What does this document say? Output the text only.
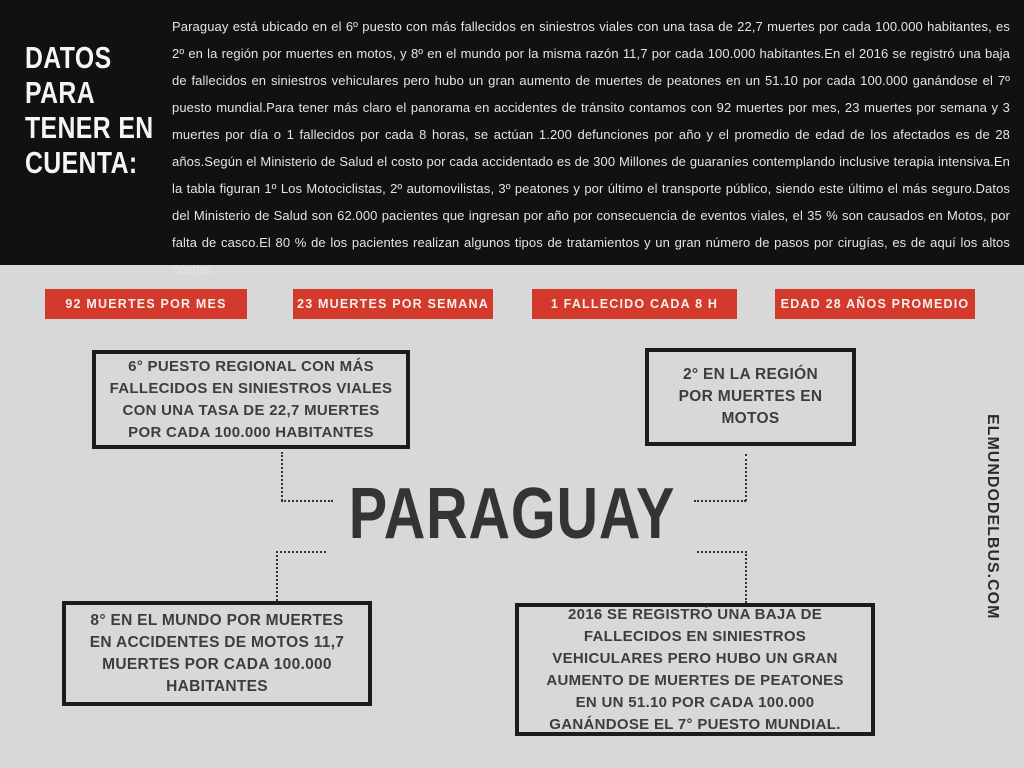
DATOS
PARA
TENER EN
CUENTA:
Paraguay está ubicado en el 6º puesto con más fallecidos en siniestros viales con una tasa de 22,7 muertes por cada 100.000 habitantes, es 2º en la región por muertes en motos, y 8º en el mundo por la misma razón 11,7 por cada 100.000 habitantes.En el 2016 se registró una baja de fallecidos en siniestros vehiculares pero hubo un gran aumento de muertes de peatones en un 51.10 por cada 100.000 ganándose el 7º puesto mundial.Para tener más claro el panorama en accidentes de tránsito contamos con 92 muertes por mes, 23 muertes por semana y 3 muertes por día o 1 fallecidos por cada 8 horas, se actúan 1.200 defunciones por año y el promedio de edad de los afectados es de 28 años.Según el Ministerio de Salud el costo por cada accidentado es de 300 Millones de guaraníes contemplando inclusive terapia intensiva.En la tabla figuran 1º Los Motociclistas, 2º automovilistas, 3º peatones y por último el transporte público, siendo este último el más seguro.Datos del Ministerio de Salud son 62.000 pacientes que ingresan por año por consecuencia de eventos viales, el 35 % son causados en Motos, por falta de casco.El 80 % de los pacientes realizan algunos tipos de tratamientos y un gran número de pasos por cirugías, es de aquí los altos costos.
92 MUERTES POR MES	23 MUERTES POR SEMANA	1 FALLECIDO CADA 8 H	EDAD 28 AÑOS PROMEDIO
6° PUESTO REGIONAL CON MÁS
FALLECIDOS EN SINIESTROS VIALES
CON UNA TASA DE 22,7 MUERTES
POR CADA 100.000 HABITANTES
2° EN LA REGIÓN
POR MUERTES EN
MOTOS
8° EN EL MUNDO POR MUERTES
EN ACCIDENTES DE MOTOS 11,7
MUERTES POR CADA 100.000
HABITANTES
2016 SE REGISTRÓ UNA BAJA DE
FALLECIDOS EN SINIESTROS
VEHICULARES PERO HUBO UN GRAN
AUMENTO DE MUERTES DE PEATONES
EN UN 51.10 POR CADA 100.000
GANÁNDOSE EL 7° PUESTO MUNDIAL.
PARAGUAY	ELMUNDODELBUS.COM
